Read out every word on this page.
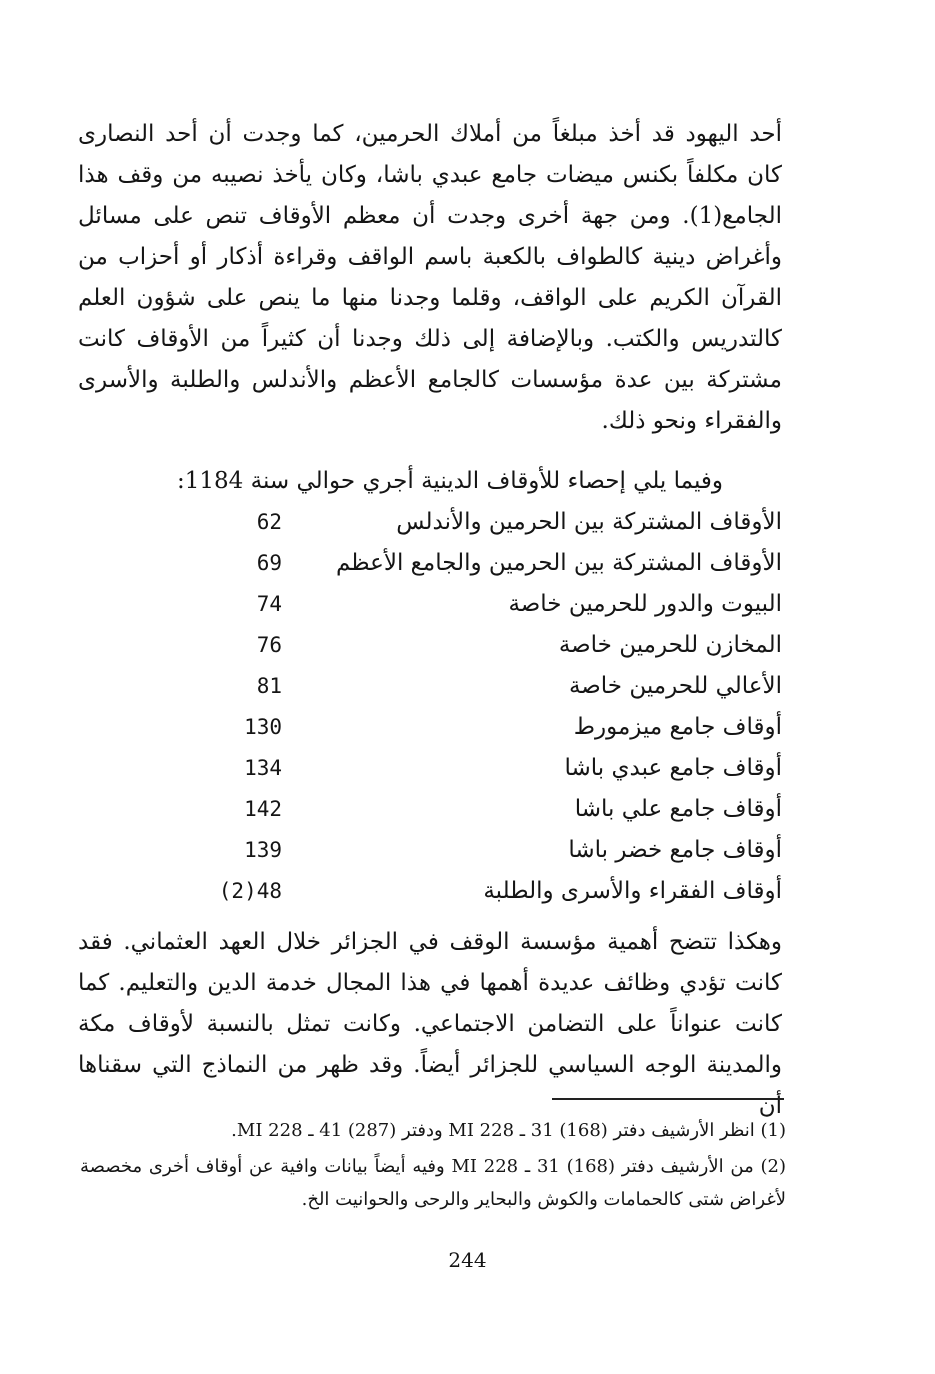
أحد اليهود قد أخذ مبلغاً من أملاك الحرمين، كما وجدت أن أحد النصارى كان مكلفاً بكنس ميضات جامع عبدي باشا، وكان يأخذ نصيبه من وقف هذا الجامع(1). ومن جهة أخرى وجدت أن معظم الأوقاف تنص على مسائل وأغراض دينية كالطواف بالكعبة باسم الواقف وقراءة أذكار أو أحزاب من القرآن الكريم على الواقف، وقلما وجدنا منها ما ينص على شؤون العلم كالتدريس والكتب. وبالإضافة إلى ذلك وجدنا أن كثيراً من الأوقاف كانت مشتركة بين عدة مؤسسات كالجامع الأعظم والأندلس والطلبة والأسرى والفقراء ونحو ذلك.

وفيما يلي إحصاء للأوقاف الدينية أجري حوالي سنة 1184:

الأوقاف المشتركة بين الحرمين والأندلس
62
الأوقاف المشتركة بين الحرمين والجامع الأعظم
69
البيوت والدور للحرمين خاصة
74
المخازن للحرمين خاصة
76
الأعالي للحرمين خاصة
81
أوقاف جامع ميزمورط
130
أوقاف جامع عبدي باشا
134
أوقاف جامع علي باشا
142
أوقاف جامع خضر باشا
139
أوقاف الفقراء والأسرى والطلبة
(2)48

وهكذا تتضح أهمية مؤسسة الوقف في الجزائر خلال العهد العثماني. فقد كانت تؤدي وظائف عديدة أهمها في هذا المجال خدمة الدين والتعليم. كما كانت عنواناً على التضامن الاجتماعي. وكانت تمثل بالنسبة لأوقاف مكة والمدينة الوجه السياسي للجزائر أيضاً. وقد ظهر من النماذج التي سقناها أن

(1) انظر الأرشيف دفتر (168) 31 ـ MI 228 ودفتر (287) 41 ـ MI 228.

(2) من الأرشيف دفتر (168) 31 ـ MI 228 وفيه أيضاً بيانات وافية عن أوقاف أخرى مخصصة لأغراض شتى كالحمامات والكوش والبحاير والرحى والحوانيت الخ.

244
